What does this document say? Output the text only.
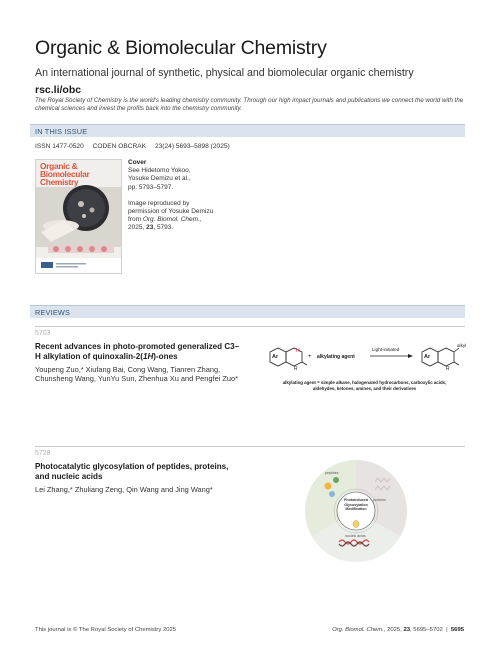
Organic & Biomolecular Chemistry
An international journal of synthetic, physical and biomolecular organic chemistry
rsc.li/obc
The Royal Society of Chemistry is the world's leading chemistry community. Through our high impact journals and publications we connect the world with the chemical sciences and invest the profits back into the chemistry community.
IN THIS ISSUE
ISSN 1477-0520 CODEN OBCRAK 23(24) 5693–5898 (2025)
Organic &
Biomolecular
Chemistry
Cover
See Hidetomo Yokoo,
Yosuke Demizu et al.,
pp. 5793–5797.
Image reproduced by permission of Yosuke Demizu from Org. Biomol. Chem., 2025, 23, 5793.
REVIEWS
5703
Recent advances in photo-promoted generalized C3–H alkylation of quinoxalin-2(1H)-ones
Youpeng Zuo,* Xiufang Bai, Cong Wang, Tianren Zhang, Chunsheng Wang, YunYu Sun, Zhenhua Xu and Pengfei Zuo*
H
R	R
Ar	+ alkylating agent
Light-initiated
Ar
alkyl
alkylating agent = simple alkane, halogenated hydrocarbons, carboxylic acids,
aldehydes, ketones, amines, and their derivatives
5728
Photocatalytic glycosylation of peptides, proteins, and nucleic acids
Lei Zhang,* Zhuliang Zeng, Qin Wang and Jing Wang*
Photoinduced
Glycosylation
Modification
peptides
proteins
nucleic acids
This journal is © The Royal Society of Chemistry 2025	Org. Biomol. Chem., 2025, 23, 5695–5702 | 5695
